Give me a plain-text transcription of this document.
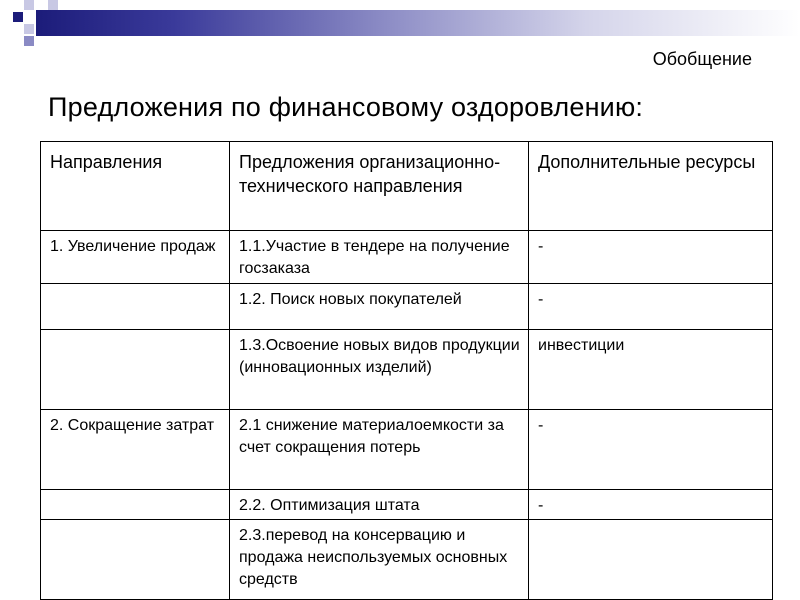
Обобщение
Предложения по финансовому оздоровлению:
Направления	Предложения организационно-технического направления	Дополнительные ресурсы
1. Увеличение продаж	1.1.Участие в тендере на получение госзаказа	-
	1.2. Поиск новых покупателей	-
	1.3.Освоение новых видов продукции (инновационных изделий)	инвестиции
2. Сокращение затрат	2.1 снижение материалоемкости за счет сокращения потерь	-
	2.2. Оптимизация штата	-
	2.3.перевод на консервацию и продажа неиспользуемых основных средств	
